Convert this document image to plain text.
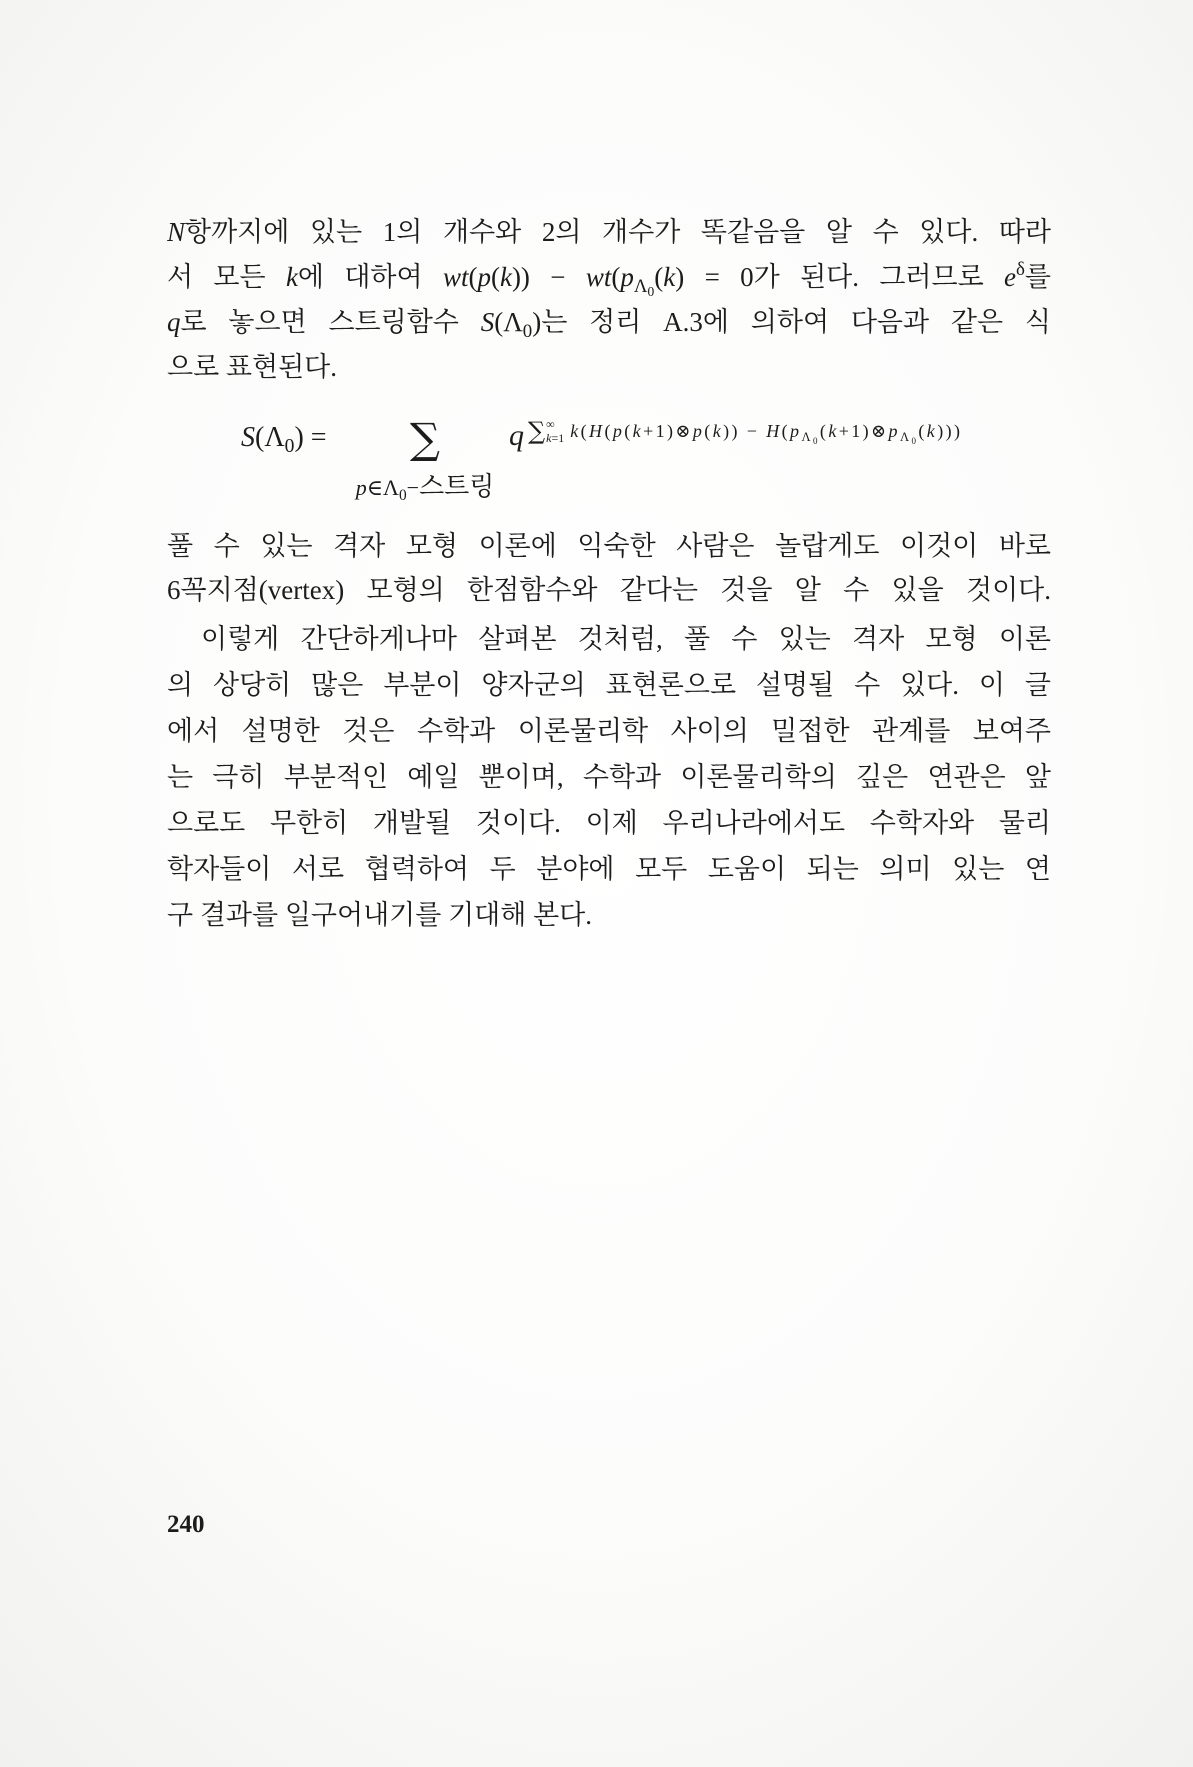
N항까지에 있는 1의 개수와 2의 개수가 똑같음을 알 수 있다. 따라
서 모든 k에 대하여 $wt(p(k)) - wt(p_{\Lambda 0}(k) = 0$가 된다. 그러므로 $e^\delta$를
q로 놓으면 스트링함수 $S(\Lambda_0)$는 정리 A.3에 의하여 다음과 같은 식
으로 표현된다.
$S(\Lambda_0)$ = ∑
$p\in\Lambda_0-$스트링
q ∑ ∞
k=1 k(H(p(k+1)⊗p(k)) − $H(p_{\Lambda 0}(k+1)\otimes p_{\Lambda 0}(k))$)
풀 수 있는 격자 모형 이론에 익숙한 사람은 놀랍게도 이것이 바로
6꼭지점(vertex) 모형의 한점함수와 같다는 것을 알 수 있을 것이다.
이렇게 간단하게나마 살펴본 것처럼, 풀 수 있는 격자 모형 이론
의 상당히 많은 부분이 양자군의 표현론으로 설명될 수 있다. 이 글
에서 설명한 것은 수학과 이론물리학 사이의 밀접한 관계를 보여주
는 극히 부분적인 예일 뿐이며, 수학과 이론물리학의 깊은 연관은 앞
으로도 무한히 개발될 것이다. 이제 우리나라에서도 수학자와 물리
학자들이 서로 협력하여 두 분야에 모두 도움이 되는 의미 있는 연
구 결과를 일구어내기를 기대해 본다.
240
